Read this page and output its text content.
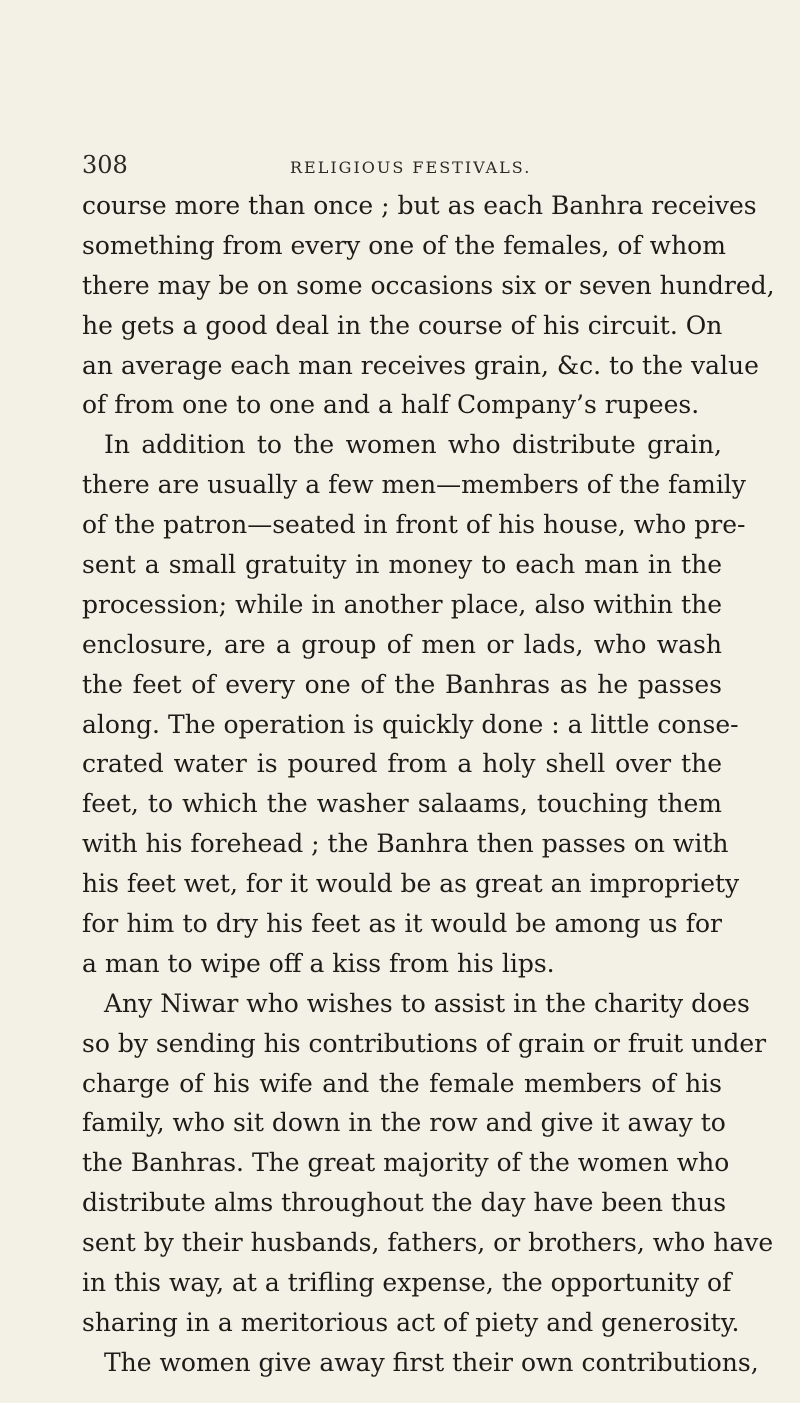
308	RELIGIOUS FESTIVALS.

course more than once ; but as each Banhra receives
something from every one of the females, of whom
there may be on some occasions six or seven hundred,
he gets a good deal in the course of his circuit. On
an average each man receives grain, &c. to the value
of from one to one and a half Company’s rupees.

In addition to the women who distribute grain,
there are usually a few men—members of the family
of the patron—seated in front of his house, who pre-
sent a small gratuity in money to each man in the
procession; while in another place, also within the
enclosure, are a group of men or lads, who wash
the feet of every one of the Banhras as he passes
along. The operation is quickly done : a little conse-
crated water is poured from a holy shell over the
feet, to which the washer salaams, touching them
with his forehead ; the Banhra then passes on with
his feet wet, for it would be as great an impropriety
for him to dry his feet as it would be among us for
a man to wipe off a kiss from his lips.

Any Niwar who wishes to assist in the charity does
so by sending his contributions of grain or fruit under
charge of his wife and the female members of his
family, who sit down in the row and give it away to
the Banhras. The great majority of the women who
distribute alms throughout the day have been thus
sent by their husbands, fathers, or brothers, who have
in this way, at a trifling expense, the opportunity of
sharing in a meritorious act of piety and generosity.

The women give away first their own contributions,
